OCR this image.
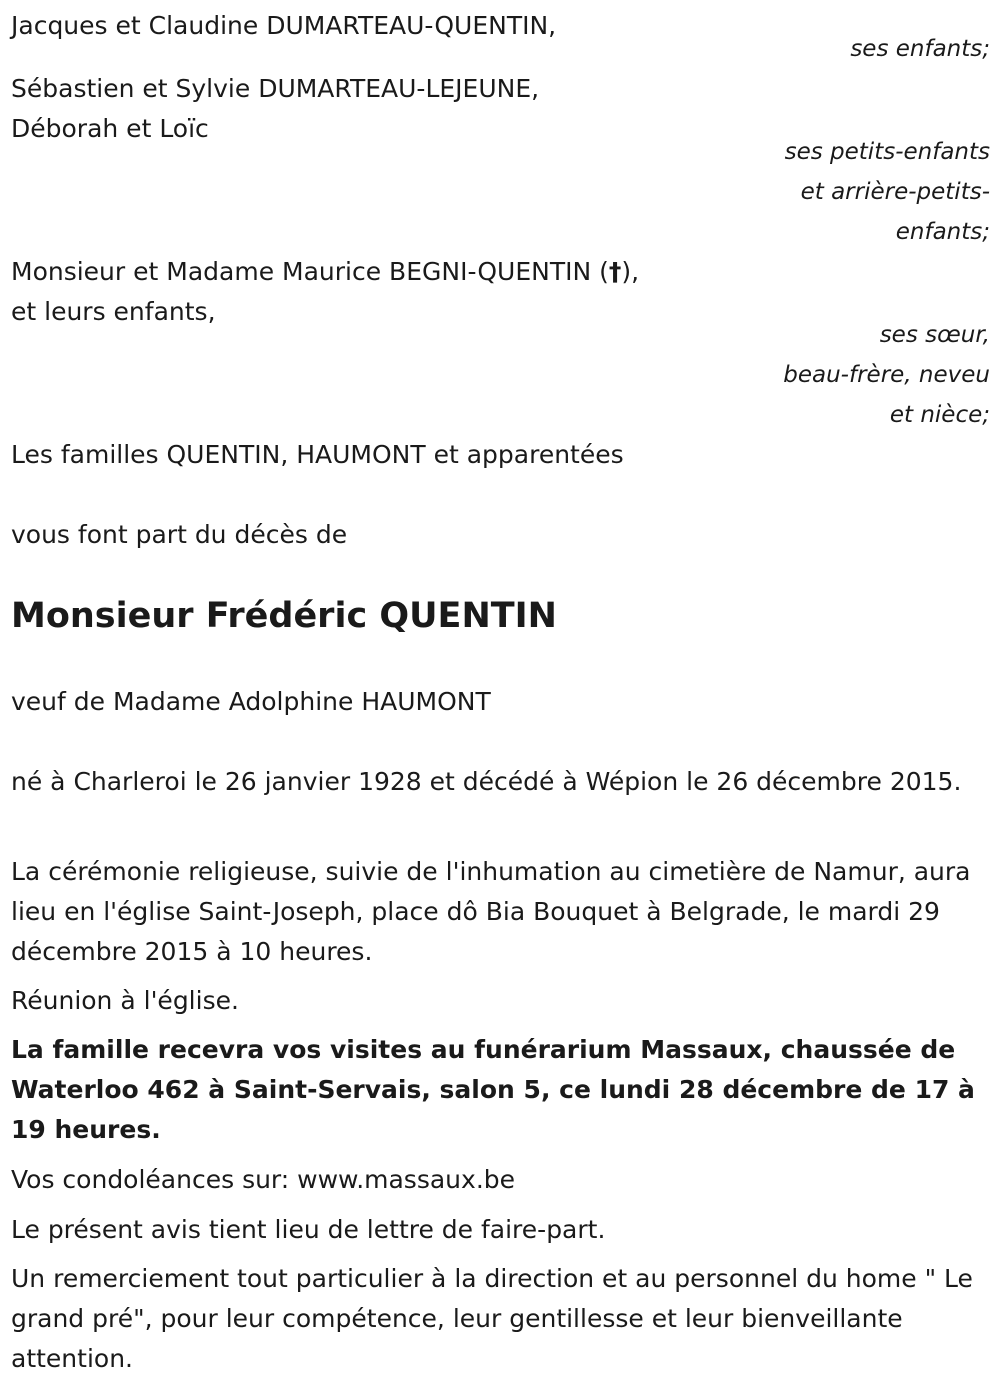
Jacques et Claudine DUMARTEAU-QUENTIN,

ses enfants;

Sébastien et Sylvie DUMARTEAU-LEJEUNE,

Déborah et Loïc

ses petits-enfants

et arrière-petits-

enfants;

Monsieur et Madame Maurice BEGNI-QUENTIN (†),

et leurs enfants,

ses sœur,

beau-frère, neveu

et nièce;

Les familles QUENTIN, HAUMONT et apparentées

vous font part du décès de

Monsieur Frédéric QUENTIN

veuf de Madame Adolphine HAUMONT

né à Charleroi le 26 janvier 1928 et décédé à Wépion le 26 décembre 2015.

La cérémonie religieuse, suivie de l'inhumation au cimetière de Namur, aura lieu en l'église Saint-Joseph, place dô Bia Bouquet à Belgrade, le mardi 29 décembre 2015 à 10 heures.

Réunion à l'église.

La famille recevra vos visites au funérarium Massaux, chaussée de Waterloo 462 à Saint-Servais, salon 5, ce lundi 28 décembre de 17 à 19 heures.

Vos condoléances sur: www.massaux.be

Le présent avis tient lieu de lettre de faire-part.

Un remerciement tout particulier à la direction et au personnel du home " Le grand pré", pour leur compétence, leur gentillesse et leur bienveillante attention.
